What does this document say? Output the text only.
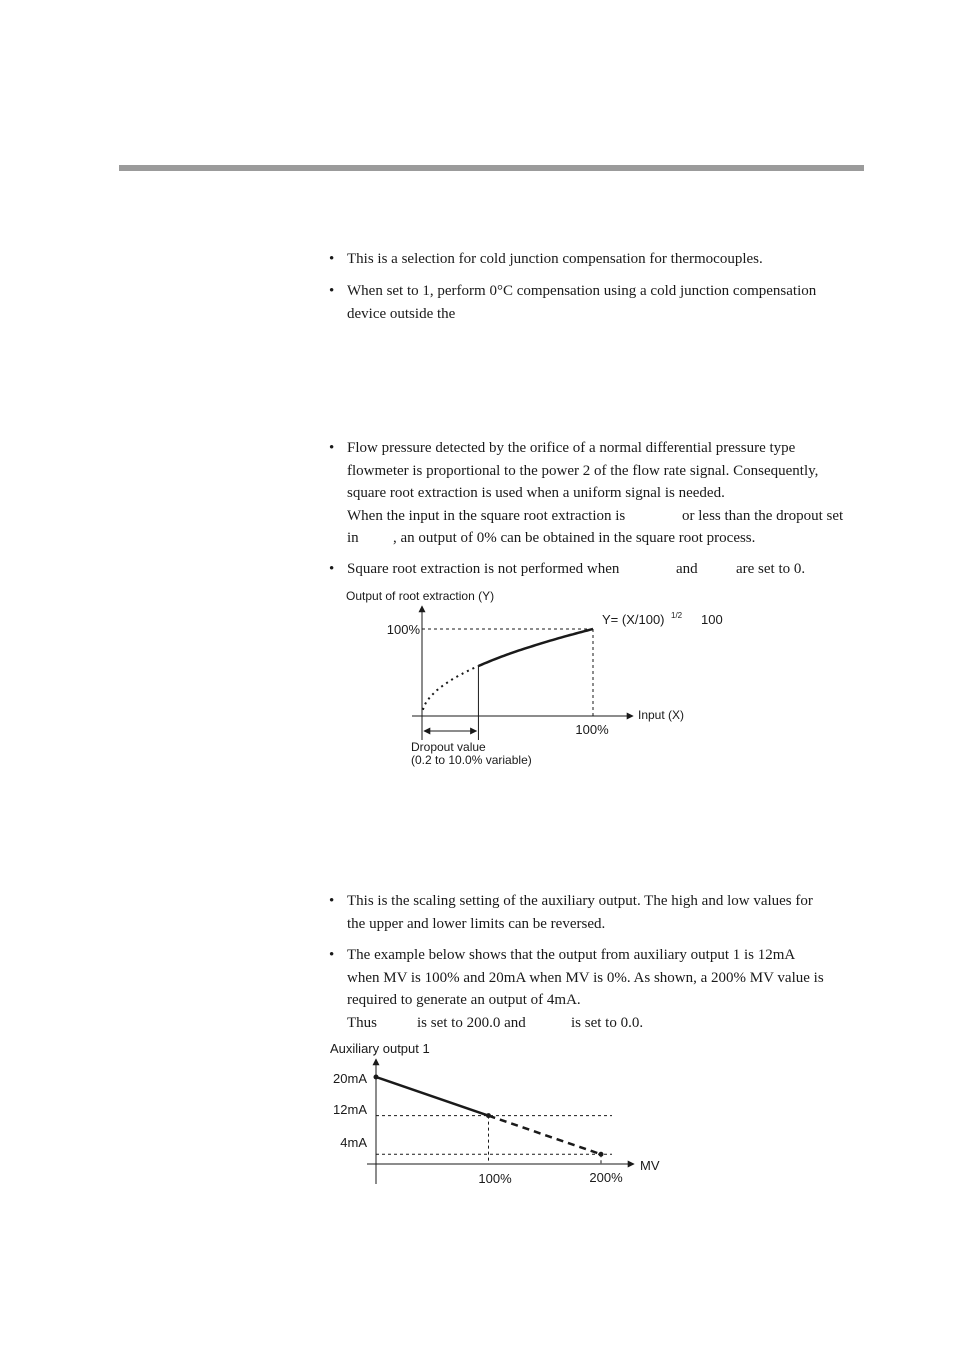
• This is a selection for cold junction compensation for thermocouples.
• When set to 1, perform 0°C compensation using a cold junction compensation
device outside the
• Flow pressure detected by the orifice of a normal differential pressure type
flowmeter is proportional to the power 2 of the flow rate signal. Consequently,
square root extraction is used when a uniform signal is needed.
When the input in the square root extraction is	or less than the dropout set

in , an output of 0% can be obtained in the square root process.

• Square root extraction is not performed when	and	are set to 0.

Output of root extraction (Y)
100%
100%
Input (X)
Y= (X/100) 1/2 100
Dropout value
(0.2 to 10.0% variable)
• This is the scaling setting of the auxiliary output. The high and low values for
the upper and lower limits can be reversed.
• The example below shows that the output from auxiliary output 1 is 12mA
when MV is 100% and 20mA when MV is 0%. As shown, a 200% MV value is
required to generate an output of 4mA.
Thus	is set to 200.0 and	is set to 0.0.

Auxiliary output 1
20mA
12mA
4mA
100%	200%
MV
